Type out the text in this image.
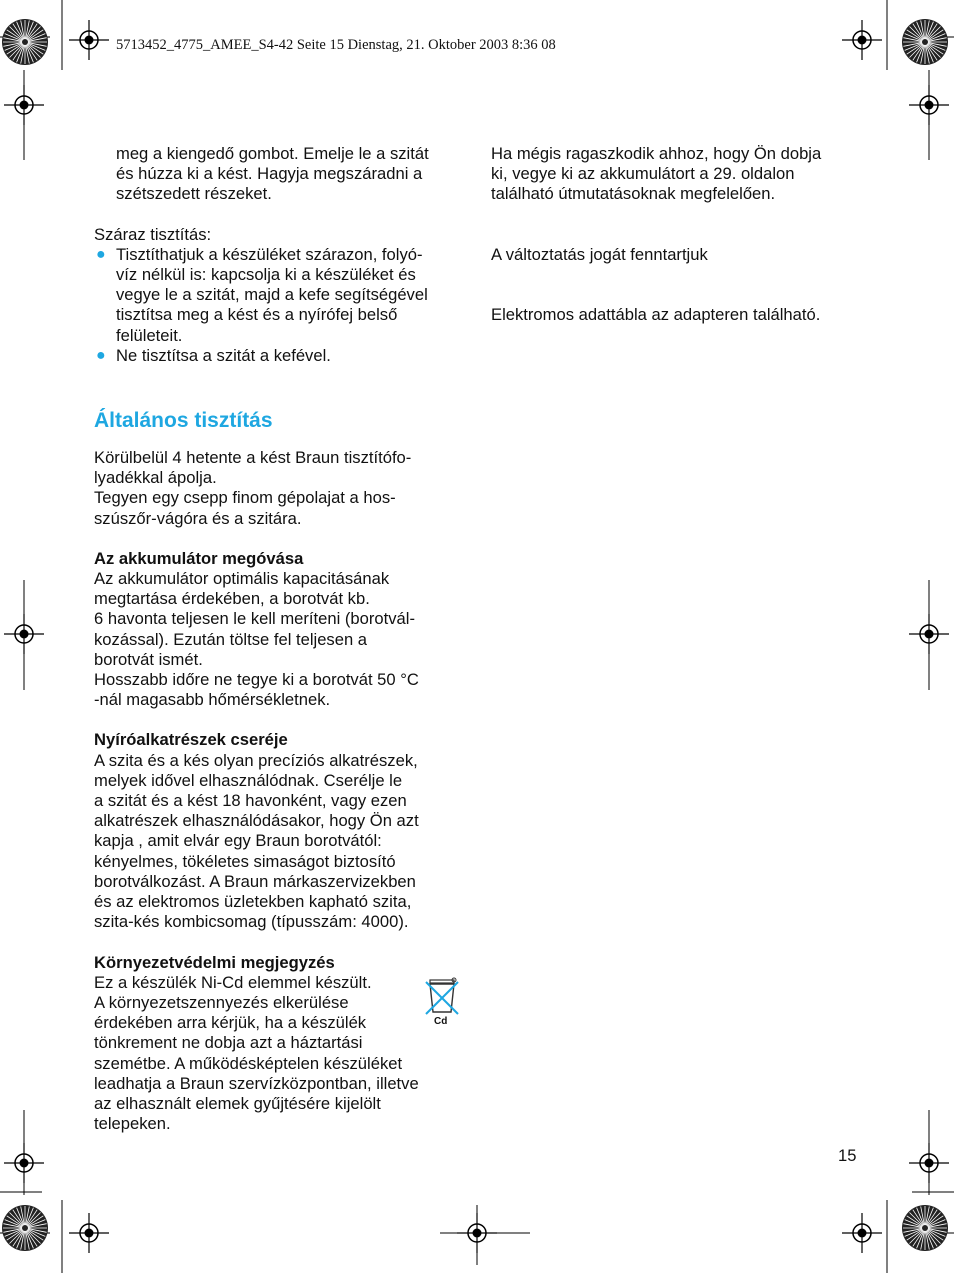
5713452_4775_AMEE_S4-42 Seite 15 Dienstag, 21. Oktober 2003 8:36 08

meg a kiengedő gombot. Emelje le a szitát

és húzza ki a kést. Hagyja megszáradni a

szétszedett részeket.

Száraz tisztítás:

● Tisztíthatjuk a készüléket szárazon, folyó-

víz nélkül is: kapcsolja ki a készüléket és

vegye le a szitát, majd a kefe segítségével

tisztítsa meg a kést és a nyírófej belső

felületeit.

● Ne tisztítsa a szitát a kefével.

Általános tisztítás

Körülbelül 4 hetente a kést Braun tisztítófo-

lyadékkal ápolja.

Tegyen egy csepp finom gépolajat a hos-

szúszőr-vágóra és a szitára.

Az akkumulátor megóvása

Az akkumulátor optimális kapacitásának

megtartása érdekében, a borotvát kb.

6 havonta teljesen le kell meríteni (borotvál-

kozással). Ezután töltse fel teljesen a

borotvát ismét.

Hosszabb időre ne tegye ki a borotvát 50 °C

-nál magasabb hőmérsékletnek.

Nyíróalkatrészek cseréje

A szita és a kés olyan precíziós alkatrészek,

melyek idővel elhasználódnak. Cserélje le

a szitát és a kést 18 havonként, vagy ezen

alkatrészek elhasználódásakor, hogy Ön azt

kapja , amit elvár egy Braun borotvától:

kényelmes, tökéletes simaságot biztosító

borotválkozást. A Braun márkaszervizekben

és az elektromos üzletekben kapható szita,

szita-kés kombicsomag (típusszám: 4000).

Környezetvédelmi megjegyzés

Ez a készülék Ni-Cd elemmel készült.

A környezetszennyezés elkerülése

érdekében arra kérjük, ha a készülék

tönkrement ne dobja azt a háztartási

szemétbe. A működésképtelen készüléket

leadhatja a Braun szervízközpontban, illetve

az elhasznált elemek gyűjtésére kijelölt

telepeken.

Cd

Ha mégis ragaszkodik ahhoz, hogy Ön dobja

ki, vegye ki az akkumulátort a 29. oldalon

található útmutatásoknak megfelelően.

A változtatás jogát fenntartjuk

Elektromos adattábla az adapteren található.

15
